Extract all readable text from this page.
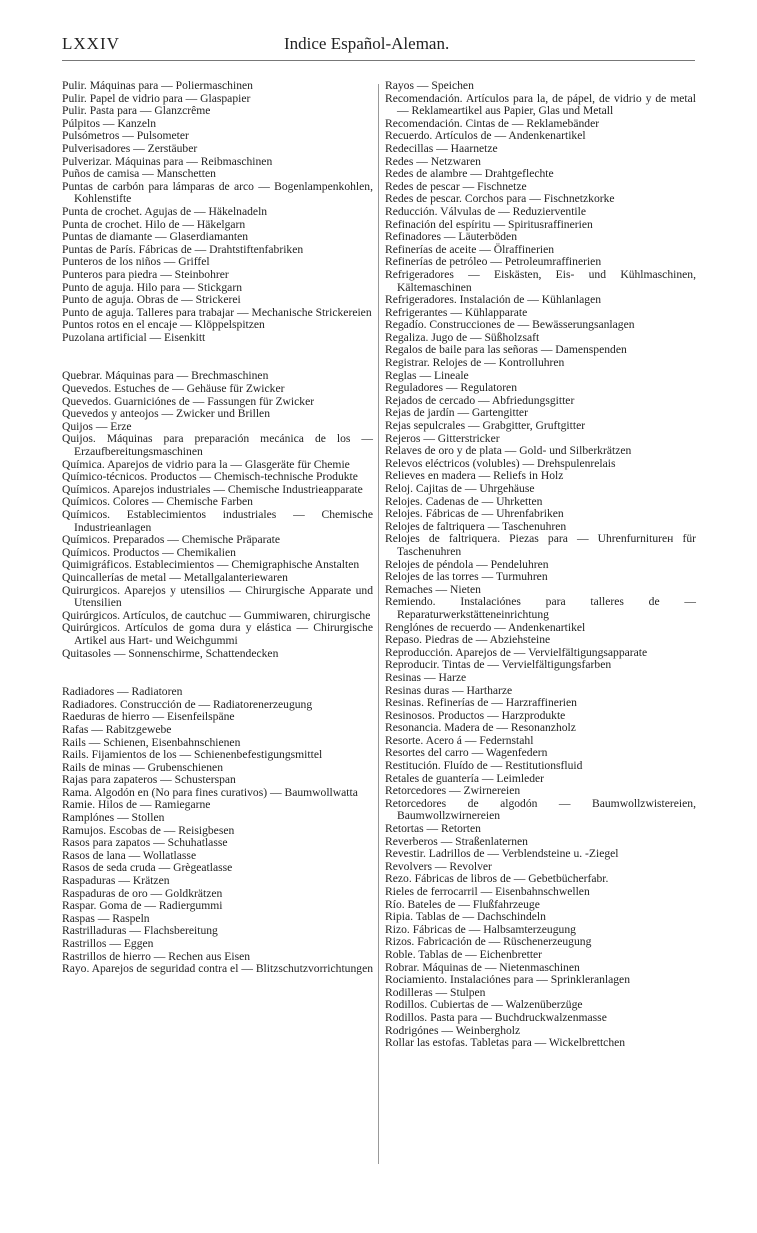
LXXIV	Indice Español-Aleman.
Pulir. Máquinas para — Poliermaschinen
Pulir. Papel de vidrio para — Glaspapier
Pulir. Pasta para — Glanzcrême
Púlpitos — Kanzeln
Pulsómetros — Pulsometer
Pulverisadores — Zerstäuber
Pulverizar. Máquinas para — Reibmaschinen
Puños de camisa — Manschetten
Puntas de carbón para lámparas de arco — Bogenlampenkohlen, Kohlenstifte
Punta de crochet. Agujas de — Häkelnadeln
Punta de crochet. Hilo de — Häkelgarn
Puntas de diamante — Glaserdiamanten
Puntas de París. Fábricas de — Drahtstiftenfabriken
Punteros de los niños — Griffel
Punteros para piedra — Steinbohrer
Punto de aguja. Hilo para — Stickgarn
Punto de aguja. Obras de — Strickerei
Punto de aguja. Talleres para trabajar — Mechanische Strickereien
Puntos rotos en el encaje — Klöppelspitzen
Puzolana artificial — Eisenkitt
Quebrar. Máquinas para — Brechmaschinen
Quevedos. Estuches de — Gehäuse für Zwicker
Quevedos. Guarniciónes de — Fassungen für Zwicker
Quevedos y anteojos — Zwicker und Brillen
Quijos — Erze
Quijos. Máquinas para preparación mecánica de los — Erzaufbereitungsmaschinen
Química. Aparejos de vidrio para la — Glasgeräte für Chemie
Químico-técnicos. Productos — Chemisch-technische Produkte
Químicos. Aparejos industriales — Chemische Industrieapparate
Químicos. Colores — Chemische Farben
Químicos. Establecimientos industriales — Chemische Industrieanlagen
Químicos. Preparados — Chemische Präparate
Químicos. Productos — Chemikalien
Quimigráficos. Establecimientos — Chemigraphische Anstalten
Quincallerías de metal — Metallgalanteriewaren
Quirurgicos. Aparejos y utensilios — Chirurgische Apparate und Utensilien
Quirúrgicos. Artículos, de cautchuc — Gummiwaren, chirurgische
Quirúrgicos. Artículos de goma dura y elástica — Chirurgische Artikel aus Hart- und Weichgummi
Quitasoles — Sonnenschirme, Schattendecken
Radiadores — Radiatoren
Radiadores. Construcción de — Radiatorenerzeugung
Raeduras de hierro — Eisenfeilspäne
Rafas — Rabitzgewebe
Rails — Schienen, Eisenbahnschienen
Rails. Fijamientos de los — Schienenbefestigungsmittel
Rails de minas — Grubenschienen
Rajas para zapateros — Schusterspan
Rama. Algodón en (No para fines curativos) — Baumwollwatta
Ramie. Hilos de — Ramiegarne
Ramplónes — Stollen
Ramujos. Escobas de — Reisigbesen
Rasos para zapatos — Schuhatlasse
Rasos de lana — Wollatlasse
Rasos de seda cruda — Grègeatlasse
Raspaduras — Krätzen
Raspaduras de oro — Goldkrätzen
Raspar. Goma de — Radiergummi
Raspas — Raspeln
Rastrilladuras — Flachsbereitung
Rastrillos — Eggen
Rastrillos de hierro — Rechen aus Eisen
Rayo. Aparejos de seguridad contra el — Blitzschutzvorrichtungen
Rayos — Speichen
Recomendación. Artículos para la, de pápel, de vidrio y de metal — Reklameartikel aus Papier, Glas und Metall
Recomendación. Cintas de — Reklamebänder
Recuerdo. Artículos de — Andenkenartikel
Redecillas — Haarnetze
Redes — Netzwaren
Redes de alambre — Drahtgeflechte
Redes de pescar — Fischnetze
Redes de pescar. Corchos para — Fischnetzkorke
Reducción. Válvulas de — Reduzierventile
Refinación del espíritu — Spiritusraffinerien
Refinadores — Läuterböden
Refinerías de aceite — Ölraffinerien
Refinerías de petróleo — Petroleumraffinerien
Refrigeradores — Eiskästen, Eis- und Kühlmaschinen, Kältemaschinen
Refrigeradores. Instalación de — Kühlanlagen
Refrigerantes — Kühlapparate
Regadío. Construcciones de — Bewässerungsanlagen
Regaliza. Jugo de — Süßholzsaft
Regalos de baile para las señoras — Damenspenden
Registrar. Relojes de — Kontrolluhren
Reglas — Lineale
Reguladores — Regulatoren
Rejados de cercado — Abfriedungsgitter
Rejas de jardín — Gartengitter
Rejas sepulcrales — Grabgitter, Gruftgitter
Rejeros — Gitterstricker
Relaves de oro y de plata — Gold- und Silberkrätzen
Relevos eléctricos (volubles) — Drehspulenrelais
Relieves en madera — Reliefs in Holz
Reloj. Cajitas de — Uhrgehäuse
Relojes. Cadenas de — Uhrketten
Relojes. Fábricas de — Uhrenfabriken
Relojes de faltriquera — Taschenuhren
Relojes de faltriquera. Piezas para — Uhrenfurniturен für Taschenuhren
Relojes de péndola — Pendeluhren
Relojes de las torres — Turmuhren
Remaches — Nieten
Remiendo. Instalaciónes para talleres de — Reparaturwerkstätteneinrichtung
Renglónes de recuerdo — Andenkenartikel
Repaso. Piedras de — Abziehsteine
Reproducción. Aparejos de — Vervielfältigungsapparate
Reproducir. Tintas de — Vervielfältigungsfarben
Resinas — Harze
Resinas duras — Hartharze
Resinas. Refinerías de — Harzraffinerien
Resinosos. Productos — Harzprodukte
Resonancia. Madera de — Resonanzholz
Resorte. Acero á — Federnstahl
Resortes del carro — Wagenfedern
Restitución. Fluído de — Restitutionsfluid
Retales de guantería — Leimleder
Retorcedores — Zwirnereien
Retorcedores de algodón — Baumwollzwistereien, Baumwollzwirnereien
Retortas — Retorten
Reverberos — Straßenlaternen
Revestir. Ladrillos de — Verblendsteine u. -Ziegel
Revolvers — Revolver
Rezo. Fábricas de libros de — Gebetbücherfabr.
Rieles de ferrocarril — Eisenbahnschwellen
Río. Bateles de — Flußfahrzeuge
Ripia. Tablas de — Dachschindeln
Rizo. Fábricas de — Halbsamterzeugung
Rizos. Fabricación de — Rüschenerzeugung
Roble. Tablas de — Eichenbretter
Robrar. Máquinas de — Nietenmaschinen
Rociamiento. Instalaciónes para — Sprinkleranlagen
Rodilleras — Stulpen
Rodillos. Cubiertas de — Walzenüberzüge
Rodillos. Pasta para — Buchdruckwalzenmasse
Rodrigónes — Weinbergholz
Rollar las estofas. Tabletas para — Wickelbrettchen
